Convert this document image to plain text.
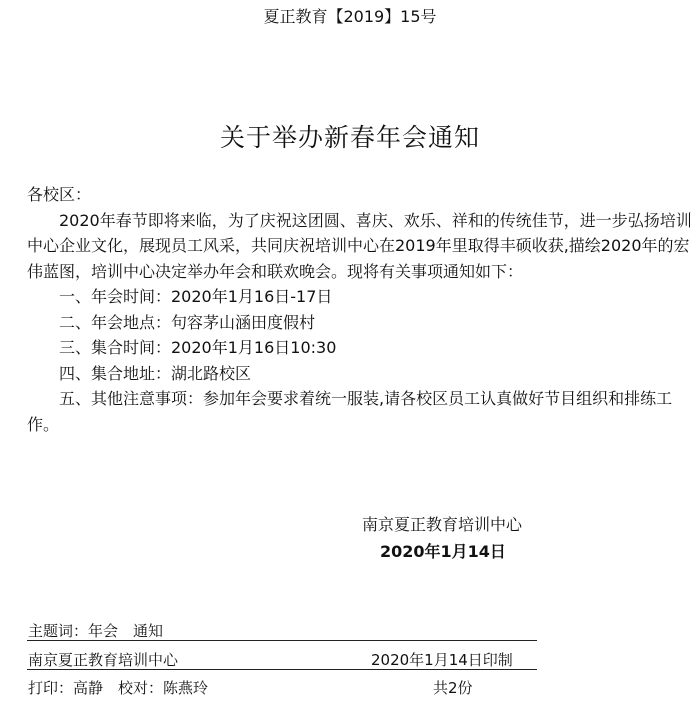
夏正教育【2019】15号
关于举办新春年会通知

各校区：

2020年春节即将来临，为了庆祝这团圆、喜庆、欢乐、祥和的传统佳节，进一步弘扬培训中心企业文化，展现员工风采，共同庆祝培训中心在2019年里取得丰硕收获,描绘2020年的宏伟蓝图，培训中心决定举办年会和联欢晚会。现将有关事项通知如下：

一、年会时间：2020年1月16日-17日

二、年会地点：句容茅山涵田度假村

三、集合时间：2020年1月16日10:30

四、集合地址：湖北路校区

五、其他注意事项：参加年会要求着统一服装,请各校区员工认真做好节目组织和排练工作。

南京夏正教育培训中心
2020年1月14日
主题词：年会　通知
南京夏正教育培训中心	2020年1月14日印制
打印：高静　校对：陈燕玲	共2份
